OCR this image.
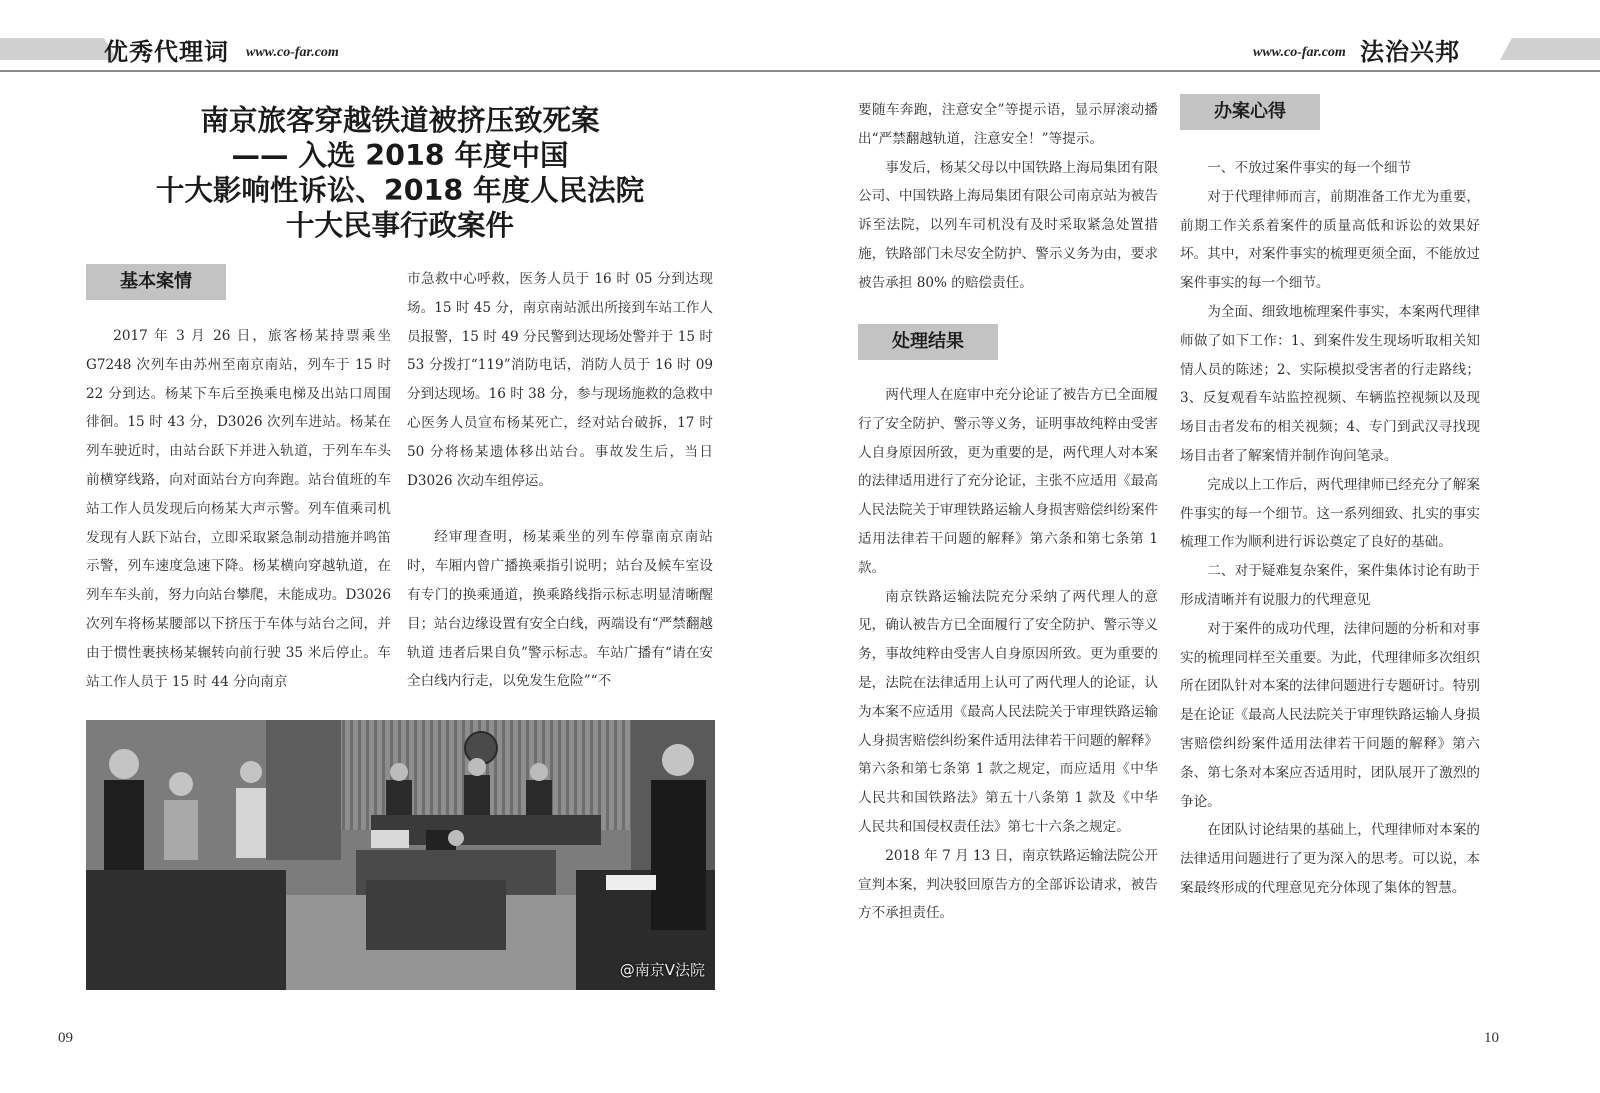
优秀代理词 www.co-far.com	www.co-far.com 法治兴邦
南京旅客穿越铁道被挤压致死案
—— 入选 2018 年度中国
十大影响性诉讼、2018 年度人民法院
十大民事行政案件
基本案情
处理结果
办案心得

2017 年 3 月 26 日，旅客杨某持票乘坐 G7248 次列车由苏州至南京南站，列车于 15 时 22 分到达。杨某下车后至换乘电梯及出站口周围徘徊。15 时 43 分，D3026 次列车进站。杨某在列车驶近时，由站台跃下并进入轨道，于列车车头前横穿线路，向对面站台方向奔跑。站台值班的车站工作人员发现后向杨某大声示警。列车值乘司机发现有人跃下站台，立即采取紧急制动措施并鸣笛示警，列车速度急速下降。杨某横向穿越轨道，在列车车头前，努力向站台攀爬，未能成功。D3026 次列车将杨某腰部以下挤压于车体与站台之间，并由于惯性裹挟杨某辗转向前行驶 35 米后停止。车站工作人员于 15 时 44 分向南京

市急救中心呼救，医务人员于 16 时 05 分到达现场。15 时 45 分，南京南站派出所接到车站工作人员报警，15 时 49 分民警到达现场处警并于 15 时 53 分拨打“119”消防电话，消防人员于 16 时 09 分到达现场。16 时 38 分，参与现场施救的急救中心医务人员宣布杨某死亡，经对站台破拆，17 时 50 分将杨某遗体移出站台。事故发生后，当日 D3026 次动车组停运。

经审理查明，杨某乘坐的列车停靠南京南站时，车厢内曾广播换乘指引说明；站台及候车室设有专门的换乘通道，换乘路线指示标志明显清晰醒目；站台边缘设置有安全白线，两端设有“严禁翻越轨道 违者后果自负”警示标志。车站广播有“请在安全白线内行走，以免发生危险”“不

@南京V法院

要随车奔跑，注意安全”等提示语，显示屏滚动播出“严禁翻越轨道，注意安全！”等提示。

事发后，杨某父母以中国铁路上海局集团有限公司、中国铁路上海局集团有限公司南京站为被告诉至法院，以列车司机没有及时采取紧急处置措施，铁路部门未尽安全防护、警示义务为由，要求被告承担 80% 的赔偿责任。

两代理人在庭审中充分论证了被告方已全面履行了安全防护、警示等义务，证明事故纯粹由受害人自身原因所致，更为重要的是，两代理人对本案的法律适用进行了充分论证，主张不应适用《最高人民法院关于审理铁路运输人身损害赔偿纠纷案件适用法律若干问题的解释》第六条和第七条第 1 款。

南京铁路运输法院充分采纳了两代理人的意见，确认被告方已全面履行了安全防护、警示等义务，事故纯粹由受害人自身原因所致。更为重要的是，法院在法律适用上认可了两代理人的论证，认为本案不应适用《最高人民法院关于审理铁路运输人身损害赔偿纠纷案件适用法律若干问题的解释》第六条和第七条第 1 款之规定，而应适用《中华人民共和国铁路法》第五十八条第 1 款及《中华人民共和国侵权责任法》第七十六条之规定。

2018 年 7 月 13 日，南京铁路运输法院公开宣判本案，判决驳回原告方的全部诉讼请求，被告方不承担责任。

一、不放过案件事实的每一个细节

对于代理律师而言，前期准备工作尤为重要，前期工作关系着案件的质量高低和诉讼的效果好坏。其中，对案件事实的梳理更须全面，不能放过案件事实的每一个细节。

为全面、细致地梳理案件事实，本案两代理律师做了如下工作：1、到案件发生现场听取相关知情人员的陈述；2、实际模拟受害者的行走路线；3、反复观看车站监控视频、车辆监控视频以及现场目击者发布的相关视频；4、专门到武汉寻找现场目击者了解案情并制作询问笔录。

完成以上工作后，两代理律师已经充分了解案件事实的每一个细节。这一系列细致、扎实的事实梳理工作为顺利进行诉讼奠定了良好的基础。

二、对于疑难复杂案件，案件集体讨论有助于形成清晰并有说服力的代理意见

对于案件的成功代理，法律问题的分析和对事实的梳理同样至关重要。为此，代理律师多次组织所在团队针对本案的法律问题进行专题研讨。特别是在论证《最高人民法院关于审理铁路运输人身损害赔偿纠纷案件适用法律若干问题的解释》第六条、第七条对本案应否适用时，团队展开了激烈的争论。

在团队讨论结果的基础上，代理律师对本案的法律适用问题进行了更为深入的思考。可以说，本案最终形成的代理意见充分体现了集体的智慧。

09	10
